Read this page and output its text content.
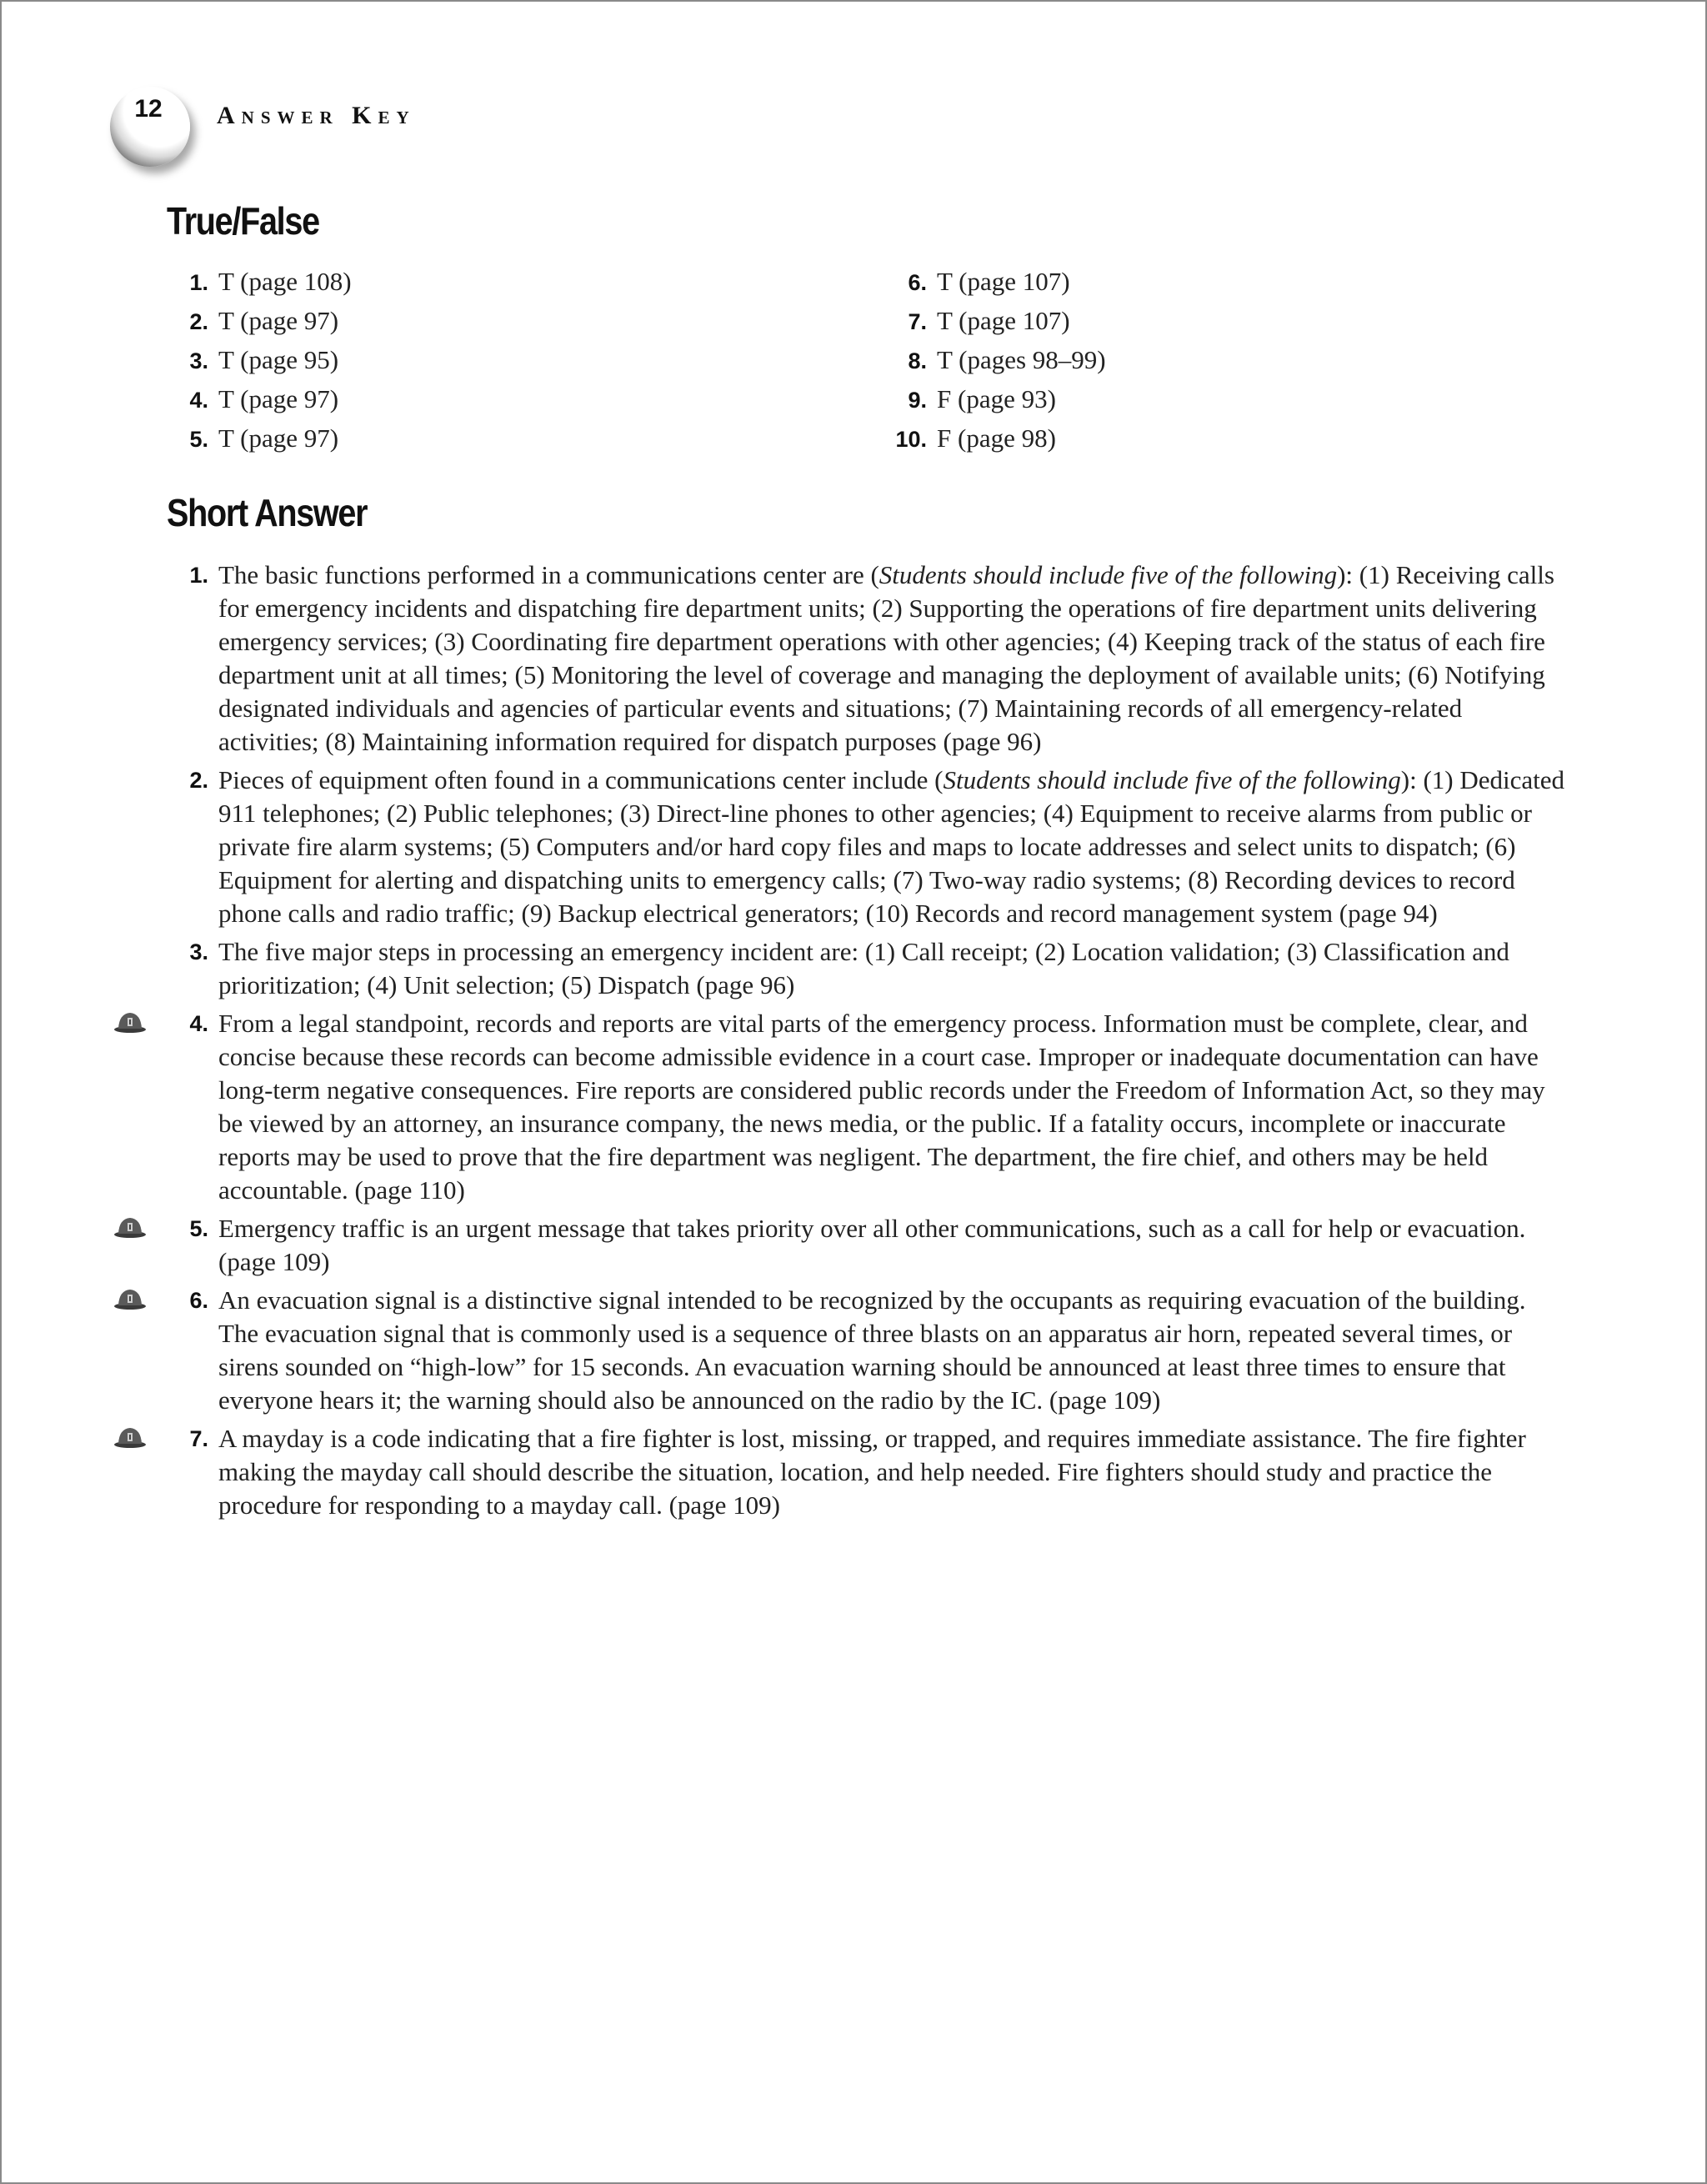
12 Answer Key
True/False
1. T (page 108)
2. T (page 97)
3. T (page 95)
4. T (page 97)
5. T (page 97)
6. T (page 107)
7. T (page 107)
8. T (pages 98–99)
9. F (page 93)
10. F (page 98)
Short Answer
1. The basic functions performed in a communications center are (Students should include five of the following): (1) Receiving calls for emergency incidents and dispatching fire department units; (2) Supporting the operations of fire department units delivering emergency services; (3) Coordinating fire department operations with other agencies; (4) Keeping track of the status of each fire department unit at all times; (5) Monitoring the level of coverage and managing the deployment of available units; (6) Notifying designated individuals and agencies of particular events and situations; (7) Maintaining records of all emergency-related activities; (8) Maintaining information required for dispatch purposes (page 96)
2. Pieces of equipment often found in a communications center include (Students should include five of the following): (1) Dedicated 911 telephones; (2) Public telephones; (3) Direct-line phones to other agencies; (4) Equipment to receive alarms from public or private fire alarm systems; (5) Computers and/or hard copy files and maps to locate addresses and select units to dispatch; (6) Equipment for alerting and dispatching units to emergency calls; (7) Two-way radio systems; (8) Recording devices to record phone calls and radio traffic; (9) Backup electrical generators; (10) Records and record management system (page 94)
3. The five major steps in processing an emergency incident are: (1) Call receipt; (2) Location validation; (3) Classification and prioritization; (4) Unit selection; (5) Dispatch (page 96)
4. From a legal standpoint, records and reports are vital parts of the emergency process. Information must be complete, clear, and concise because these records can become admissible evidence in a court case. Improper or inadequate documentation can have long-term negative consequences. Fire reports are considered public records under the Freedom of Information Act, so they may be viewed by an attorney, an insurance company, the news media, or the public. If a fatality occurs, incomplete or inaccurate reports may be used to prove that the fire department was negligent. The department, the fire chief, and others may be held accountable. (page 110)
5. Emergency traffic is an urgent message that takes priority over all other communications, such as a call for help or evacuation. (page 109)
6. An evacuation signal is a distinctive signal intended to be recognized by the occupants as requiring evacuation of the building. The evacuation signal that is commonly used is a sequence of three blasts on an apparatus air horn, repeated several times, or sirens sounded on “high-low” for 15 seconds. An evacuation warning should be announced at least three times to ensure that everyone hears it; the warning should also be announced on the radio by the IC. (page 109)
7. A mayday is a code indicating that a fire fighter is lost, missing, or trapped, and requires immediate assistance. The fire fighter making the mayday call should describe the situation, location, and help needed. Fire fighters should study and practice the procedure for responding to a mayday call. (page 109)
